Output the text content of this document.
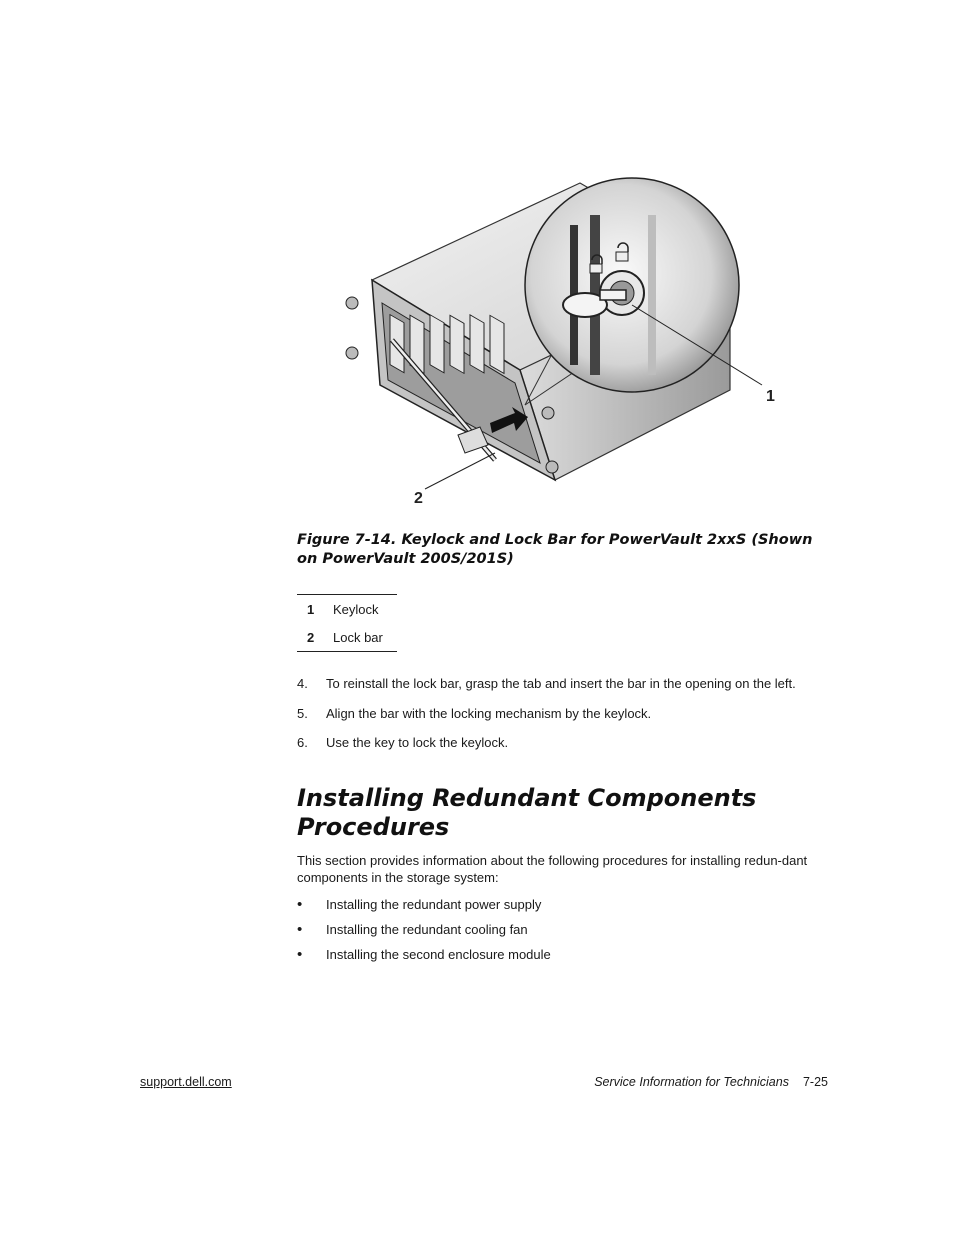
1
2
Figure 7-14. Keylock and Lock Bar for PowerVault 2xxS (Shown on PowerVault 200S/201S)
1	Keylock
2	Lock bar
4.	To reinstall the lock bar, grasp the tab and insert the bar in the opening on the left.
5.	Align the bar with the locking mechanism by the keylock.
6.	Use the key to lock the keylock.
Installing Redundant Components Procedures
This section provides information about the following procedures for installing redun-dant components in the storage system:
•	Installing the redundant power supply
•	Installing the redundant cooling fan
•	Installing the second enclosure module
support.dell.com	Service Information for Technicians 7-25
